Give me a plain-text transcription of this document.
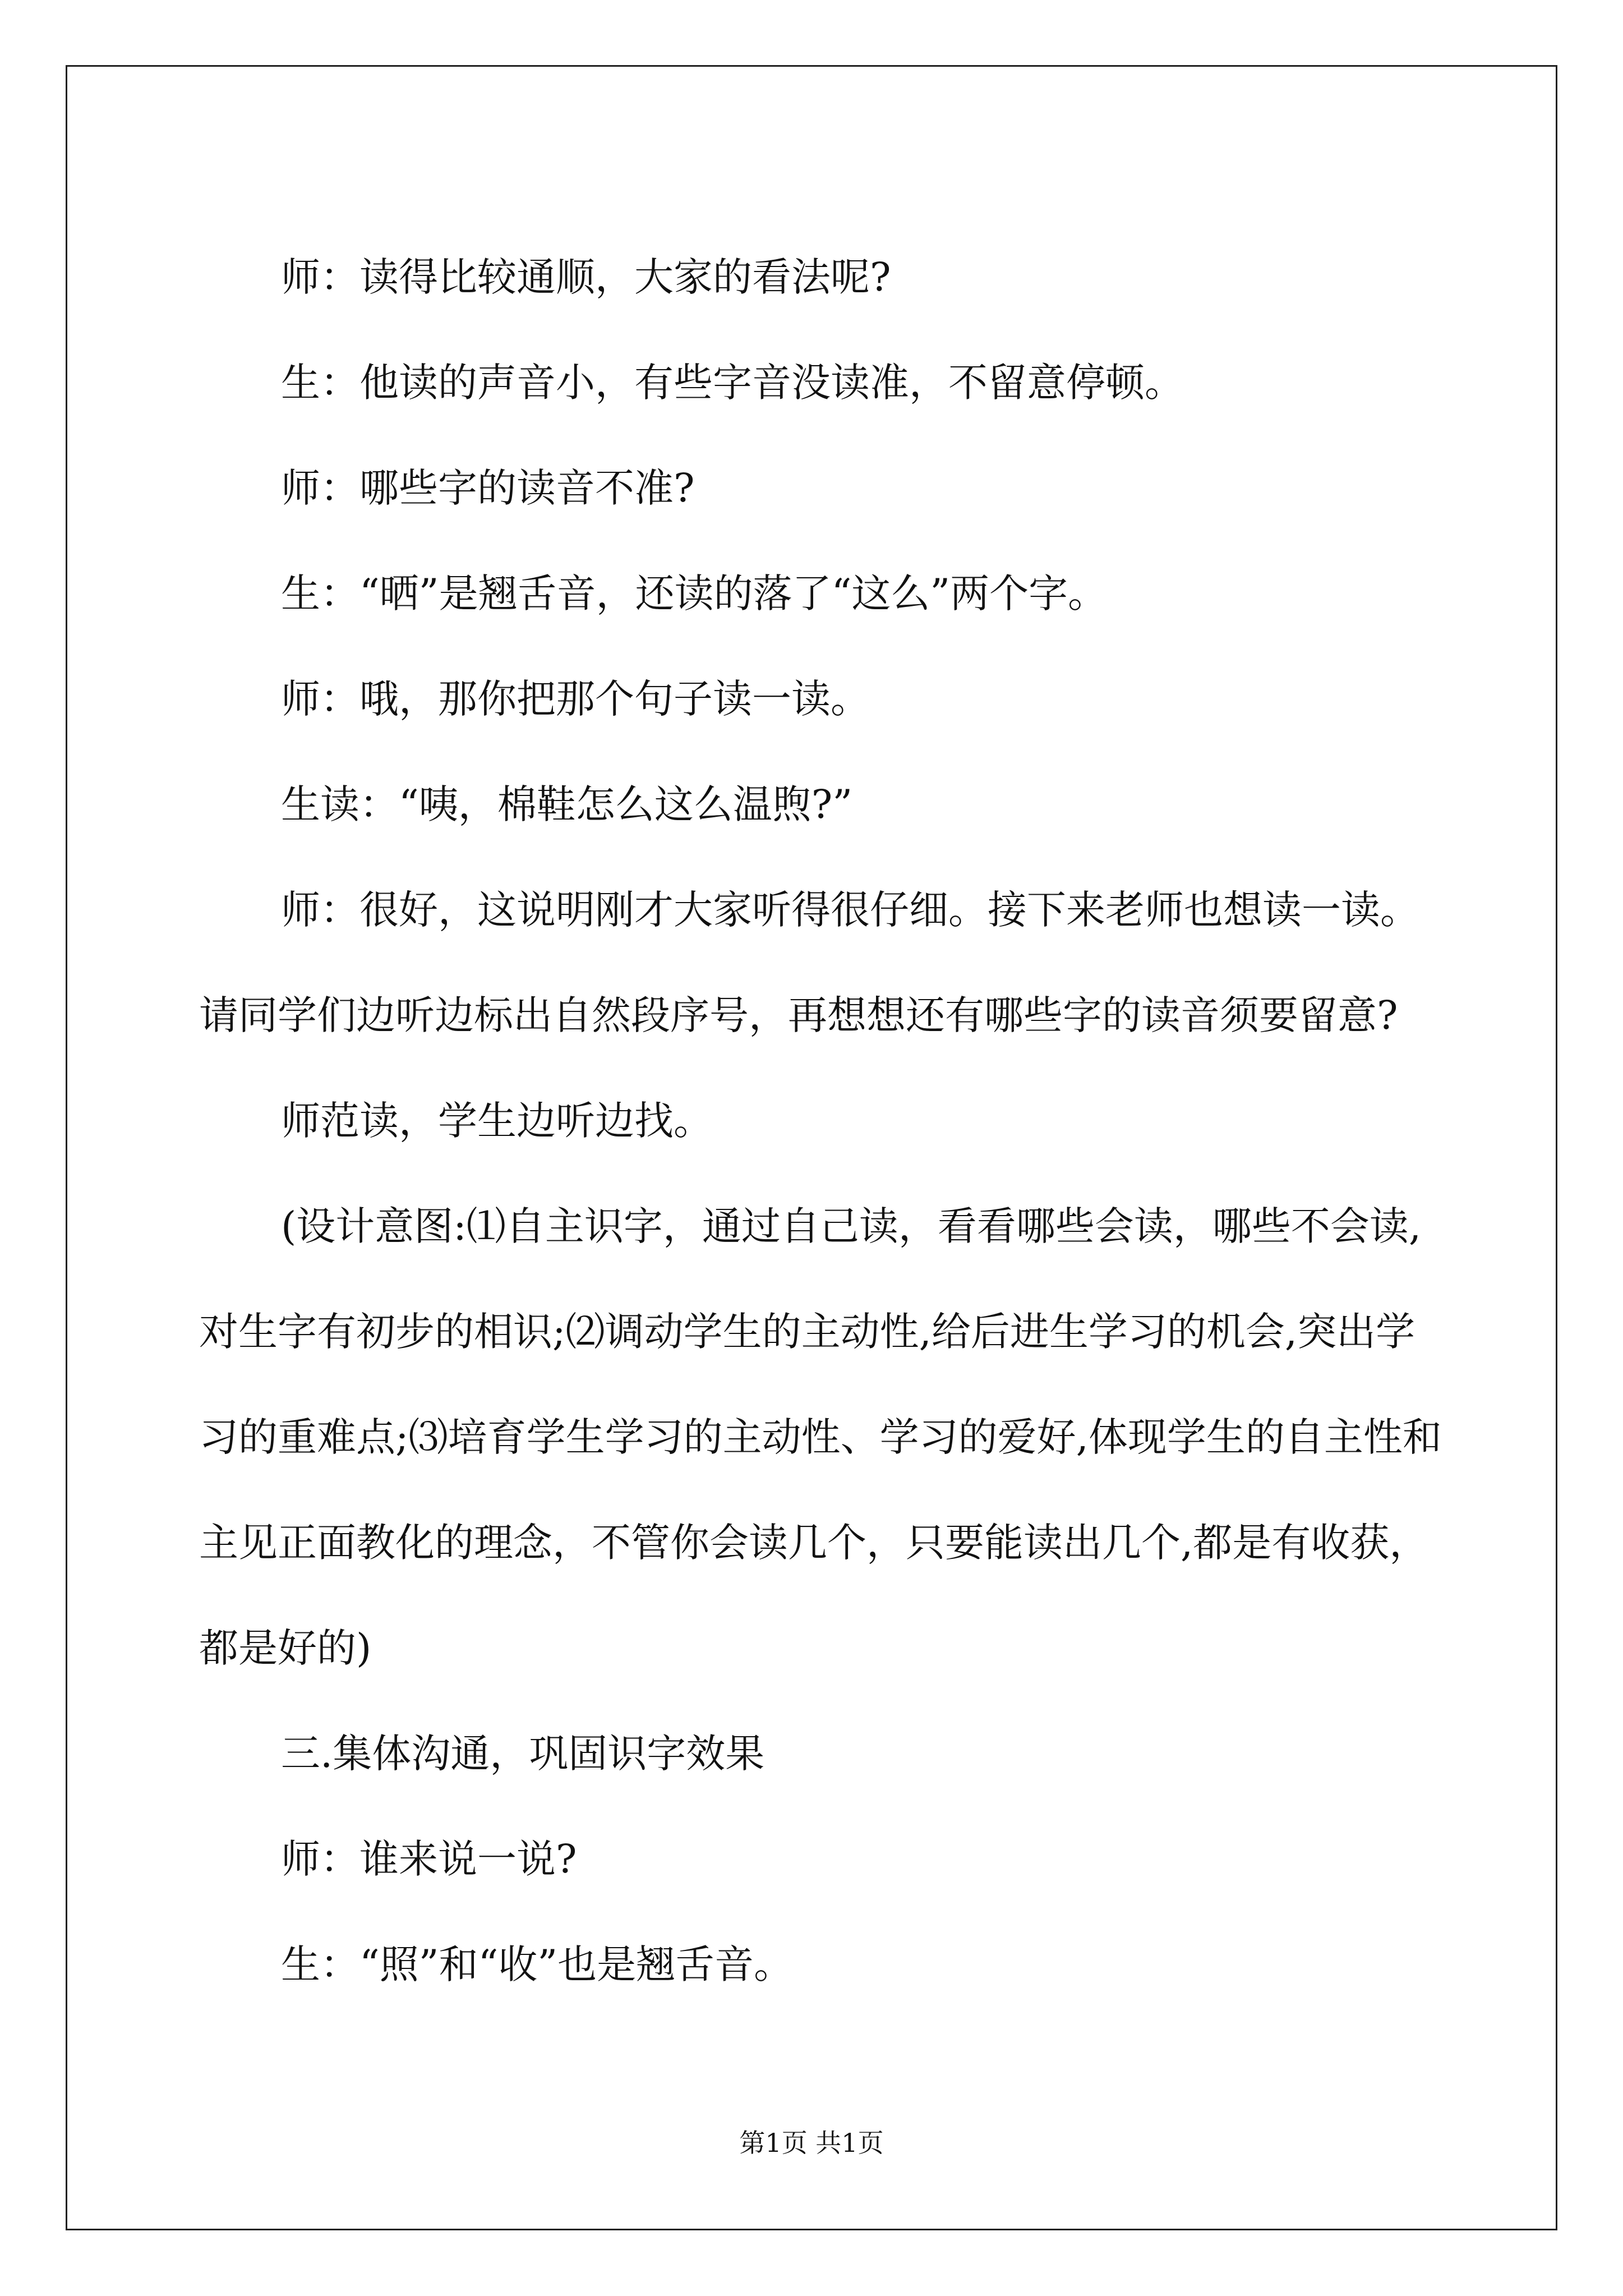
师：读得比较通顺，大家的看法呢?

生：他读的声音小，有些字音没读准，不留意停顿。

师：哪些字的读音不准?

生：“晒”是翘舌音，还读的落了“这么”两个字。

师：哦，那你把那个句子读一读。

生读：“咦，棉鞋怎么这么温煦?”

师：很好，这说明刚才大家听得很仔细。接下来老师也想读一读。请同学们边听边标出自然段序号，再想想还有哪些字的读音须要留意?

师范读，学生边听边找。

(设计意图:⑴自主识字，通过自己读，看看哪些会读，哪些不会读,对生字有初步的相识;⑵调动学生的主动性,给后进生学习的机会,突出学习的重难点;⑶培育学生学习的主动性、学习的爱好,体现学生的自主性和主见正面教化的理念，不管你会读几个，只要能读出几个,都是有收获，都是好的)

三.集体沟通，巩固识字效果

师：谁来说一说?

生：“照”和“收”也是翘舌音。

第1页 共1页
